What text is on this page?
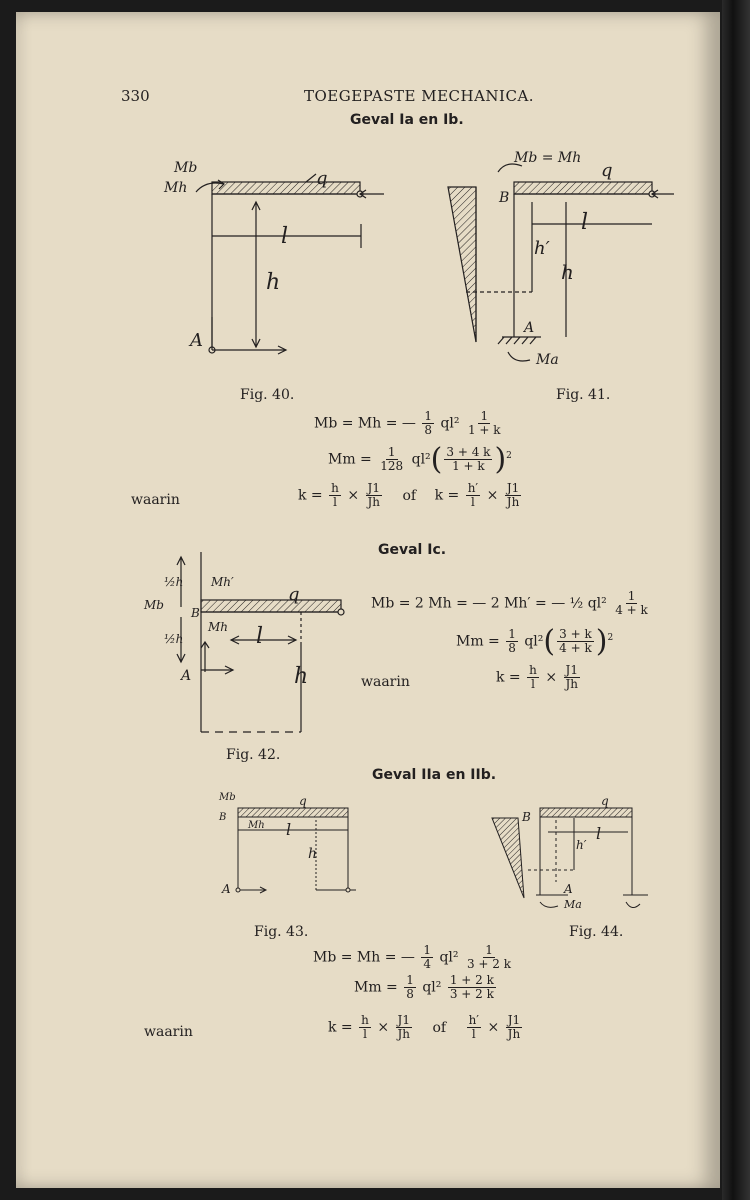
330	TOEGEPASTE MECHANICA.
Geval Ia en Ib.
Mb
Mh	q
l
h
A
Fig. 40.
Mb = Mh
q
B
l
h′
h
A
Ma
Fig. 41.
Mb = Mh = — $\frac{1}{8} ql^2 \frac{1}{1 + k}$
$Mm = \frac{1}{128} ql^2( \frac{3 + 4 k}{1 + k} )^2$
waarin	$k = \frac{h}{l} \times \frac{J1}{Jh}$ of $k = \frac{h'}{l} \times \frac{J1}{Jh}$
Geval Ic.
½h Mh′
Mb
B
q
Mh l
½h
h
A
Fig. 42.
Mb = 2 Mh = — 2 Mh′ = — ½ $ql^2 \frac{1}{4 + k}$
$Mm = \frac{1}{8} ql^2( \frac{3 + k}{4 + k} )^2$
waarin	$k = \frac{h}{l} \times \frac{J1}{Jh}$
Geval IIa en IIb.
Mb
B
q
Mh l
h
A
Fig. 43.
B
q
h′
l
A
Ma
Fig. 44.
Mb = Mh = — $\frac{1}{4} ql^2 \frac{1}{3 + 2 k}$
$Mm = \frac{1}{8} ql^2 \frac{1 + 2 k}{3 + 2 k}$
waarin	$k = \frac{h}{l} \times \frac{J1}{Jh}$ of $\frac{h'}{l} \times \frac{J1}{Jh}$
